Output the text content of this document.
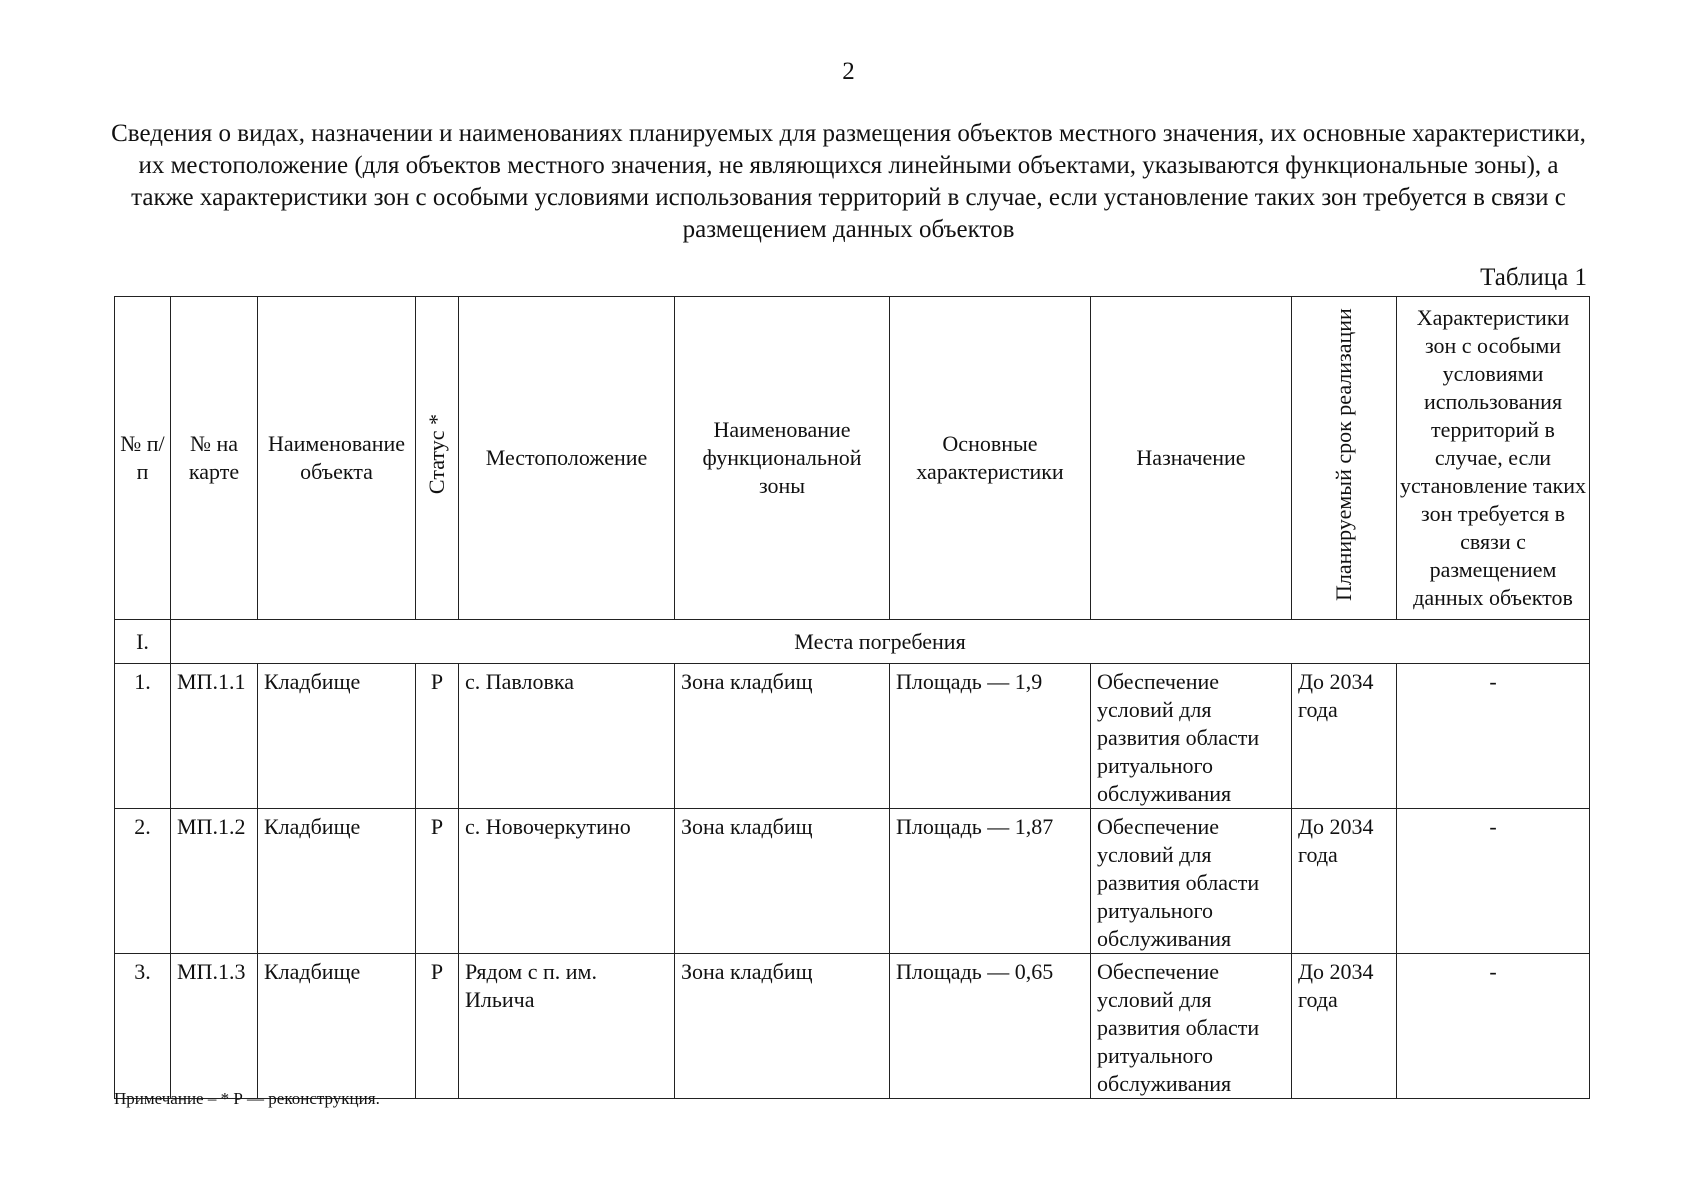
2
Сведения о видах, назначении и наименованиях планируемых для размещения объектов местного значения, их основные характеристики, их местоположение (для объектов местного значения, не являющихся линейными объектами, указываются функциональные зоны), а также характеристики зон с особыми условиями использования территорий в случае, если установление таких зон требуется в связи с размещением данных объектов
Таблица 1
№ п/п	№ на карте	Наименование объекта	Статус *	Местоположение	Наименование функциональной зоны	Основные характеристики	Назначение	Планируемый срок реализации	Характеристики зон с особыми условиями использования территорий в случае, если установление таких зон требуется в связи с размещением данных объектов
I.	Места погребения								
1.	МП.1.1	Кладбище	Р	с. Павловка	Зона кладбищ	Площадь — 1,9	Обеспечение условий для развития области ритуального обслуживания	До 2034 года	-
2.	МП.1.2	Кладбище	Р	с. Новочеркутино	Зона кладбищ	Площадь — 1,87	Обеспечение условий для развития области ритуального обслуживания	До 2034 года	-
3.	МП.1.3	Кладбище	Р	Рядом с п. им. Ильича	Зона кладбищ	Площадь — 0,65	Обеспечение условий для развития области ритуального обслуживания	До 2034 года	-
Примечание – * Р — реконструкция.
